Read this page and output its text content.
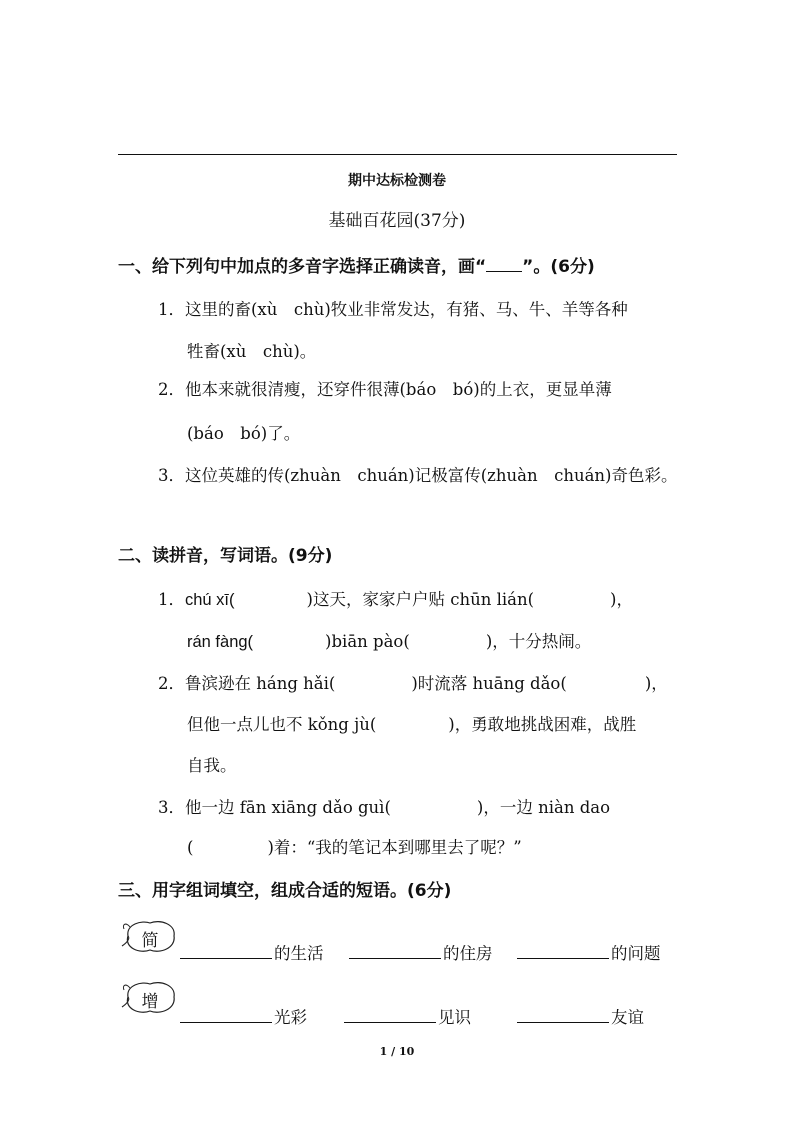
期中达标检测卷
基础百花园(37分)
一、给下列句中加点的多音字选择正确读音，画“ ”。(6分)
1．这里的畜(xù　chù)牧业非常发达，有猪、马、牛、羊等各种
牲畜(xù　chù)。
2．他本来就很清瘦，还穿件很薄(báo　bó)的上衣，更显单薄
(báo　bó)了。
3．这位英雄的传(zhuàn　chuán)记极富传(zhuàn　chuán)奇色彩。
二、读拼音，写词语。(9分)
1．chú xī(	)这天，家家户户贴 chūn lián(	)，
rán fàng(	)biān pào(	)，十分热闹。
2．鲁滨逊在 háng hǎi(	)时流落 huāng dǎo(	)，
但他一点儿也不 kǒng jù(	)，勇敢地挑战困难，战胜
自我。
3．他一边 fān xiāng dǎo guì(	)，一边 niàn dao
(	)着：“我的笔记本到哪里去了呢？”
三、用字组词填空，组成合适的短语。(6分)
简
的生活	的住房	的问题
增
光彩	见识	友谊
1 / 10
